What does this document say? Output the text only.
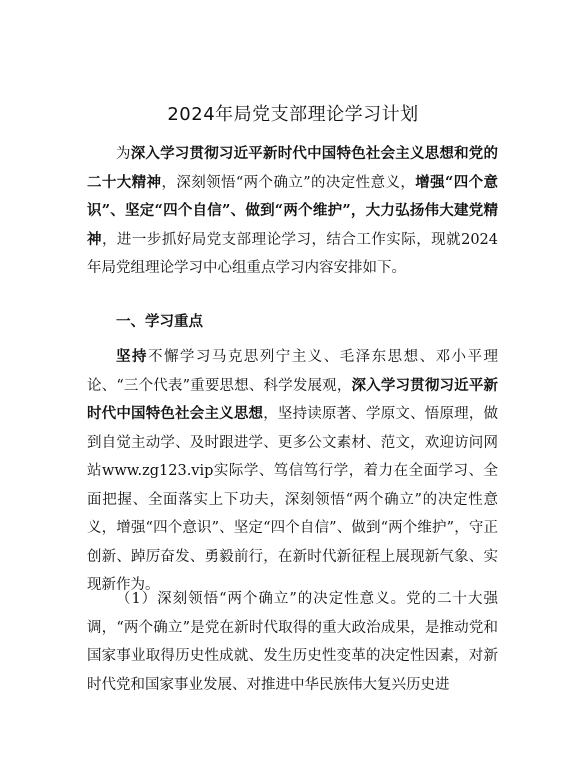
2024年局党支部理论学习计划

为深入学习贯彻习近平新时代中国特色社会主义思想和党的二十大精神，深刻领悟“两个确立”的决定性意义，增强“四个意识”、坚定“四个自信”、做到“两个维护”，大力弘扬伟大建党精神，进一步抓好局党支部理论学习，结合工作实际，现就2024年局党组理论学习中心组重点学习内容安排如下。

一、学习重点

坚持不懈学习马克思列宁主义、毛泽东思想、邓小平理论、“三个代表”重要思想、科学发展观，深入学习贯彻习近平新时代中国特色社会主义思想，坚持读原著、学原文、悟原理，做到自觉主动学、及时跟进学、更多公文素材、范文，欢迎访问网站www.zg123.vip实际学、笃信笃行学，着力在全面学习、全面把握、全面落实上下功夫，深刻领悟“两个确立”的决定性意义，增强“四个意识”、坚定“四个自信”、做到“两个维护”，守正创新、踔厉奋发、勇毅前行，在新时代新征程上展现新气象、实现新作为。

（1）深刻领悟“两个确立”的决定性意义。党的二十大强调，“两个确立”是党在新时代取得的重大政治成果，是推动党和国家事业取得历史性成就、发生历史性变革的决定性因素，对新时代党和国家事业发展、对推进中华民族伟大复兴历史进
